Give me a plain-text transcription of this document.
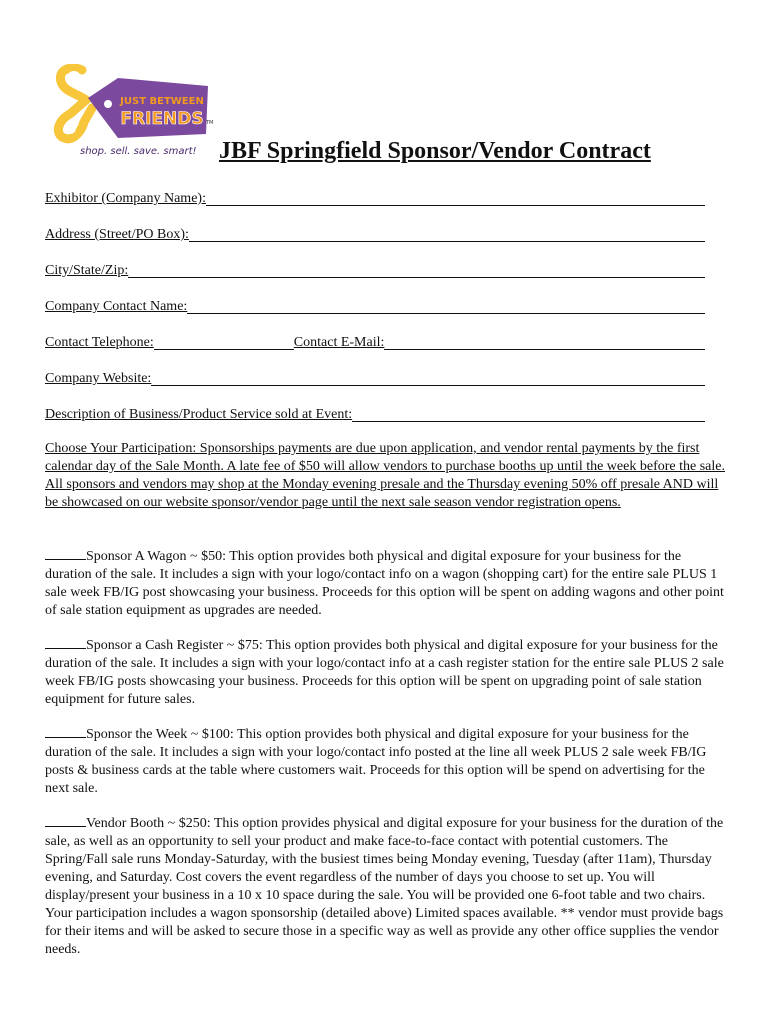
JUST BETWEEN
FRIENDS TM
shop. sell. save. smart! JBF Springfield Sponsor/Vendor Contract
Exhibitor (Company Name):
Address (Street/PO Box):
City/State/Zip:
Company Contact Name:
Contact Telephone:	Contact E-Mail:
Company Website:
Description of Business/Product Service sold at Event:
Choose Your Participation: Sponsorships payments are due upon application, and vendor rental payments by the first calendar day of the Sale Month. A late fee of $50 will allow vendors to purchase booths up until the week before the sale. All sponsors and vendors may shop at the Monday evening presale and the Thursday evening 50% off presale AND will be showcased on our website sponsor/vendor page until the next sale season vendor registration opens.
Sponsor A Wagon ~ $50: This option provides both physical and digital exposure for your business for the duration of the sale. It includes a sign with your logo/contact info on a wagon (shopping cart) for the entire sale PLUS 1 sale week FB/IG post showcasing your business. Proceeds for this option will be spent on adding wagons and other point of sale station equipment as upgrades are needed.
Sponsor a Cash Register ~ $75: This option provides both physical and digital exposure for your business for the duration of the sale. It includes a sign with your logo/contact info at a cash register station for the entire sale PLUS 2 sale week FB/IG posts showcasing your business. Proceeds for this option will be spent on upgrading point of sale station equipment for future sales.
Sponsor the Week ~ $100: This option provides both physical and digital exposure for your business for the duration of the sale. It includes a sign with your logo/contact info posted at the line all week PLUS 2 sale week FB/IG posts & business cards at the table where customers wait. Proceeds for this option will be spend on advertising for the next sale.
Vendor Booth ~ $250: This option provides physical and digital exposure for your business for the duration of the sale, as well as an opportunity to sell your product and make face-to-face contact with potential customers. The Spring/Fall sale runs Monday-Saturday, with the busiest times being Monday evening, Tuesday (after 11am), Thursday evening, and Saturday. Cost covers the event regardless of the number of days you choose to set up. You will display/present your business in a 10 x 10 space during the sale. You will be provided one 6-foot table and two chairs. Your participation includes a wagon sponsorship (detailed above) Limited spaces available. ** vendor must provide bags for their items and will be asked to secure those in a specific way as well as provide any other office supplies the vendor needs.
